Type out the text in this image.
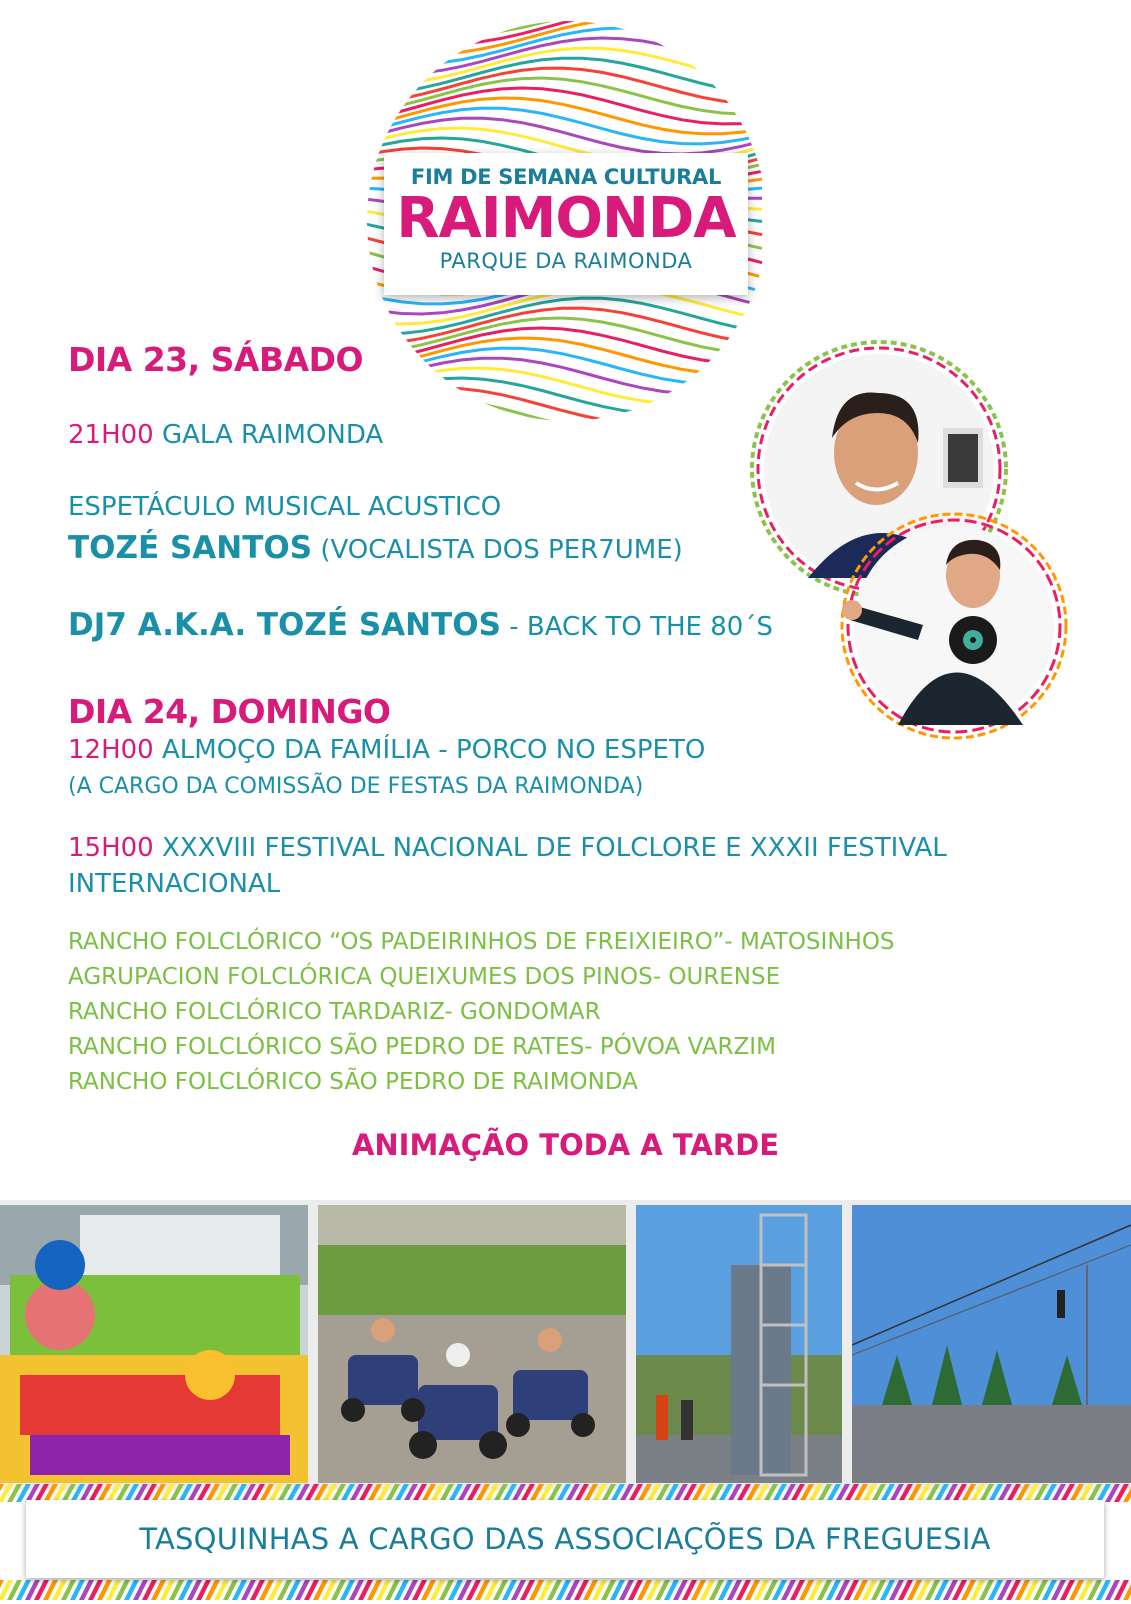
FIM DE SEMANA CULTURAL
RAIMONDA
PARQUE DA RAIMONDA
DIA 23, SÁBADO
21H00 GALA RAIMONDA
ESPETÁCULO MUSICAL ACUSTICO
TOZÉ SANTOS (VOCALISTA DOS PER7UME)
DJ7 A.K.A. TOZÉ SANTOS - BACK TO THE 80´S
DIA 24, DOMINGO
12H00 ALMOÇO DA FAMÍLIA - PORCO NO ESPETO
(A CARGO DA COMISSÃO DE FESTAS DA RAIMONDA)
15H00 XXXVIII FESTIVAL NACIONAL DE FOLCLORE E XXXII FESTIVAL
INTERNACIONAL
RANCHO FOLCLÓRICO “OS PADEIRINHOS DE FREIXIEIRO”- MATOSINHOS
AGRUPACION FOLCLÓRICA QUEIXUMES DOS PINOS- OURENSE
RANCHO FOLCLÓRICO TARDARIZ- GONDOMAR
RANCHO FOLCLÓRICO SÃO PEDRO DE RATES- PÓVOA VARZIM
RANCHO FOLCLÓRICO SÃO PEDRO DE RAIMONDA
ANIMAÇÃO TODA A TARDE
TASQUINHAS A CARGO DAS ASSOCIAÇÕES DA FREGUESIA
